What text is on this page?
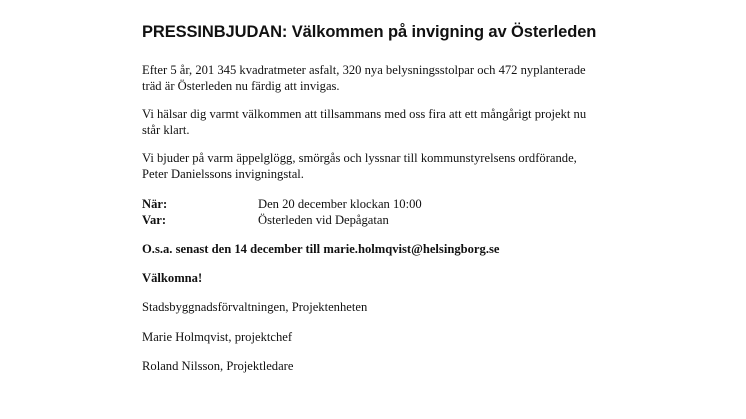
PRESSINBJUDAN: Välkommen på invigning av Österleden
Efter 5 år, 201 345 kvadratmeter asfalt, 320 nya belysningsstolpar och 472 nyplanterade
träd är Österleden nu färdig att invigas.
Vi hälsar dig varmt välkommen att tillsammans med oss fira att ett mångårigt projekt nu
står klart.
Vi bjuder på varm äppelglögg, smörgås och lyssnar till kommunstyrelsens ordförande,
Peter Danielssons invigningstal.
När:	Den 20 december klockan 10:00
Var:	Österleden vid Depågatan
O.s.a. senast den 14 december till marie.holmqvist@helsingborg.se
Välkomna!
Stadsbyggnadsförvaltningen, Projektenheten
Marie Holmqvist, projektchef
Roland Nilsson, Projektledare
